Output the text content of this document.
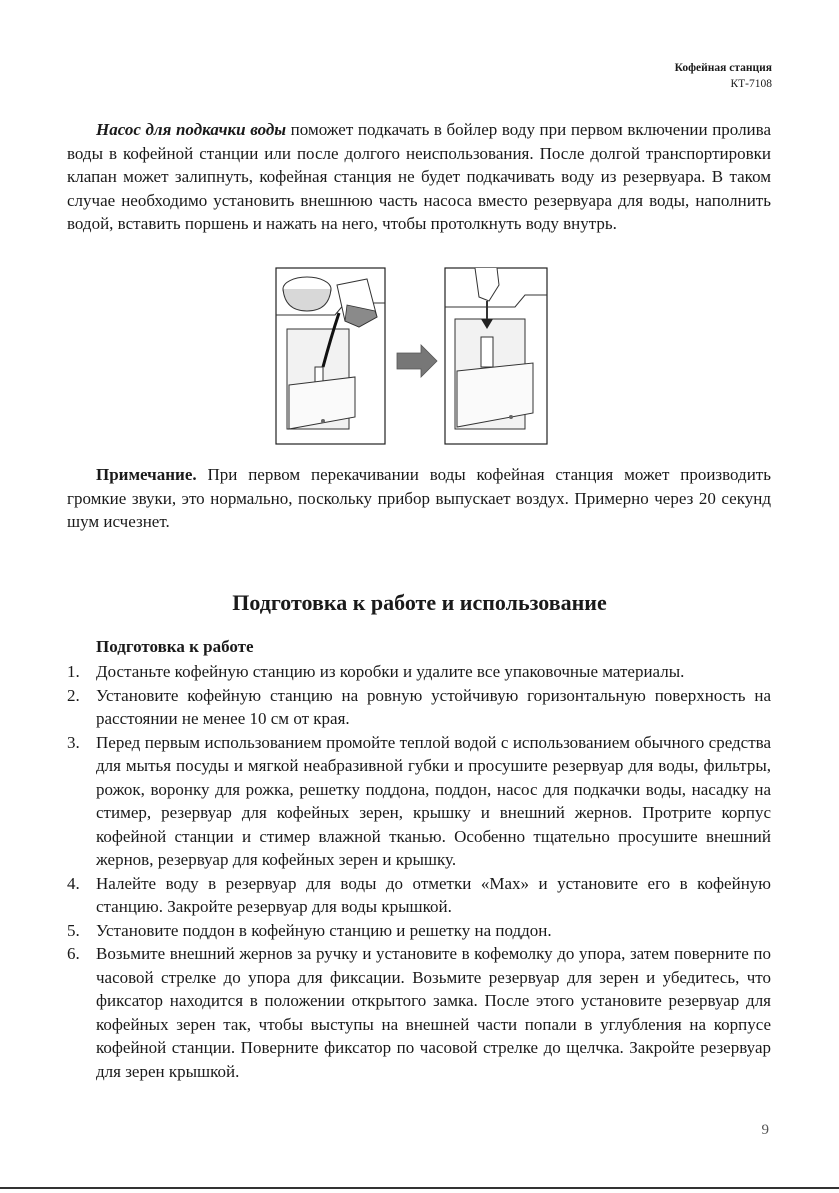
Кофейная станция
КТ-7108

Насос для подкачки воды поможет подкачать в бойлер воду при первом включении пролива воды в кофейной станции или после долгого неиспользования. После долгой транспортировки клапан может залипнуть, кофейная станция не будет подкачивать воду из резервуара. В таком случае необходимо установить внешнюю часть насоса вместо резервуара для воды, наполнить водой, вставить поршень и нажать на него, чтобы протолкнуть воду внутрь.

Примечание. При первом перекачивании воды кофейная станция может производить громкие звуки, это нормально, поскольку прибор выпускает воздух. Примерно через 20 секунд шум исчезнет.

Подготовка к работе и использование
Подготовка к работе
1. Достаньте кофейную станцию из коробки и удалите все упаковочные материалы.
2. Установите кофейную станцию на ровную устойчивую горизонтальную поверхность на расстоянии не менее 10 см от края.
3. Перед первым использованием промойте теплой водой с использованием обычного средства для мытья посуды и мягкой неабразивной губки и просушите резервуар для воды, фильтры, рожок, воронку для рожка, решетку поддона, поддон, насос для подкачки воды, насадку на стимер, резервуар для кофейных зерен, крышку и внешний жернов. Протрите корпус кофейной станции и стимер влажной тканью. Особенно тщательно просушите внешний жернов, резервуар для кофейных зерен и крышку.
4. Налейте воду в резервуар для воды до отметки «Max» и установите его в кофейную станцию. Закройте резервуар для воды крышкой.
5. Установите поддон в кофейную станцию и решетку на поддон.
6. Возьмите внешний жернов за ручку и установите в кофемолку до упора, затем поверните по часовой стрелке до упора для фиксации. Возьмите резервуар для зерен и убедитесь, что фиксатор находится в положении открытого замка. После этого установите резервуар для кофейных зерен так, чтобы выступы на внешней части попали в углубления на корпусе кофейной станции. Поверните фиксатор по часовой стрелке до щелчка. Закройте резервуар для зерен крышкой.
9
